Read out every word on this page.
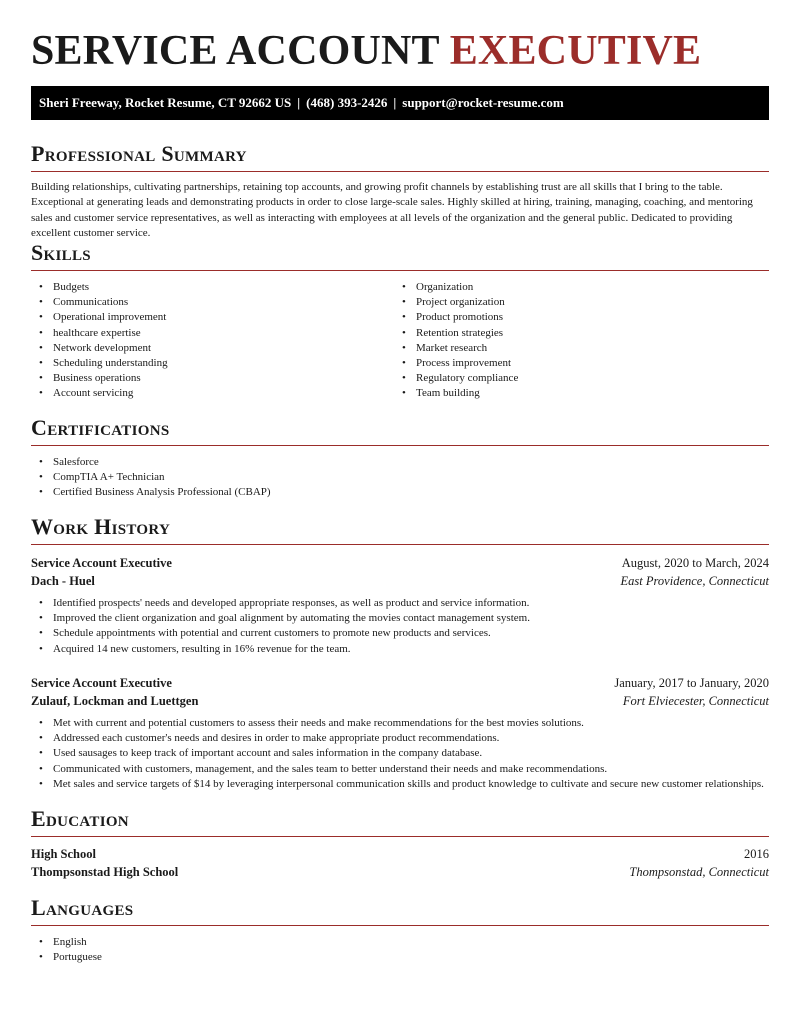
SERVICE ACCOUNT EXECUTIVE
Sheri Freeway, Rocket Resume, CT 92662 US | (468) 393-2426 | support@rocket-resume.com
Professional Summary

Building relationships, cultivating partnerships, retaining top accounts, and growing profit channels by establishing trust are all skills that I bring to the table. Exceptional at generating leads and demonstrating products in order to close large-scale sales. Highly skilled at hiring, training, managing, coaching, and mentoring sales and customer service representatives, as well as interacting with employees at all levels of the organization and the general public. Dedicated to providing excellent customer service.

Skills
• Budgets
• Communications
• Operational improvement
• healthcare expertise
• Network development
• Scheduling understanding
• Business operations
• Account servicing
• Organization
• Project organization
• Product promotions
• Retention strategies
• Market research
• Process improvement
• Regulatory compliance
• Team building
Certifications
• Salesforce
• CompTIA A+ Technician
• Certified Business Analysis Professional (CBAP)
Work History
Service Account Executive	August, 2020 to March, 2024
Dach - Huel	East Providence, Connecticut
• Identified prospects' needs and developed appropriate responses, as well as product and service information.
• Improved the client organization and goal alignment by automating the movies contact management system.
• Schedule appointments with potential and current customers to promote new products and services.
• Acquired 14 new customers, resulting in 16% revenue for the team.
Service Account Executive	January, 2017 to January, 2020
Zulauf, Lockman and Luettgen	Fort Elviecester, Connecticut
• Met with current and potential customers to assess their needs and make recommendations for the best movies solutions.
• Addressed each customer's needs and desires in order to make appropriate product recommendations.
• Used sausages to keep track of important account and sales information in the company database.
• Communicated with customers, management, and the sales team to better understand their needs and make recommendations.
• Met sales and service targets of $14 by leveraging interpersonal communication skills and product knowledge to cultivate and secure new customer relationships.
Education
High School	2016
Thompsonstad High School	Thompsonstad, Connecticut
Languages
• English
• Portuguese
